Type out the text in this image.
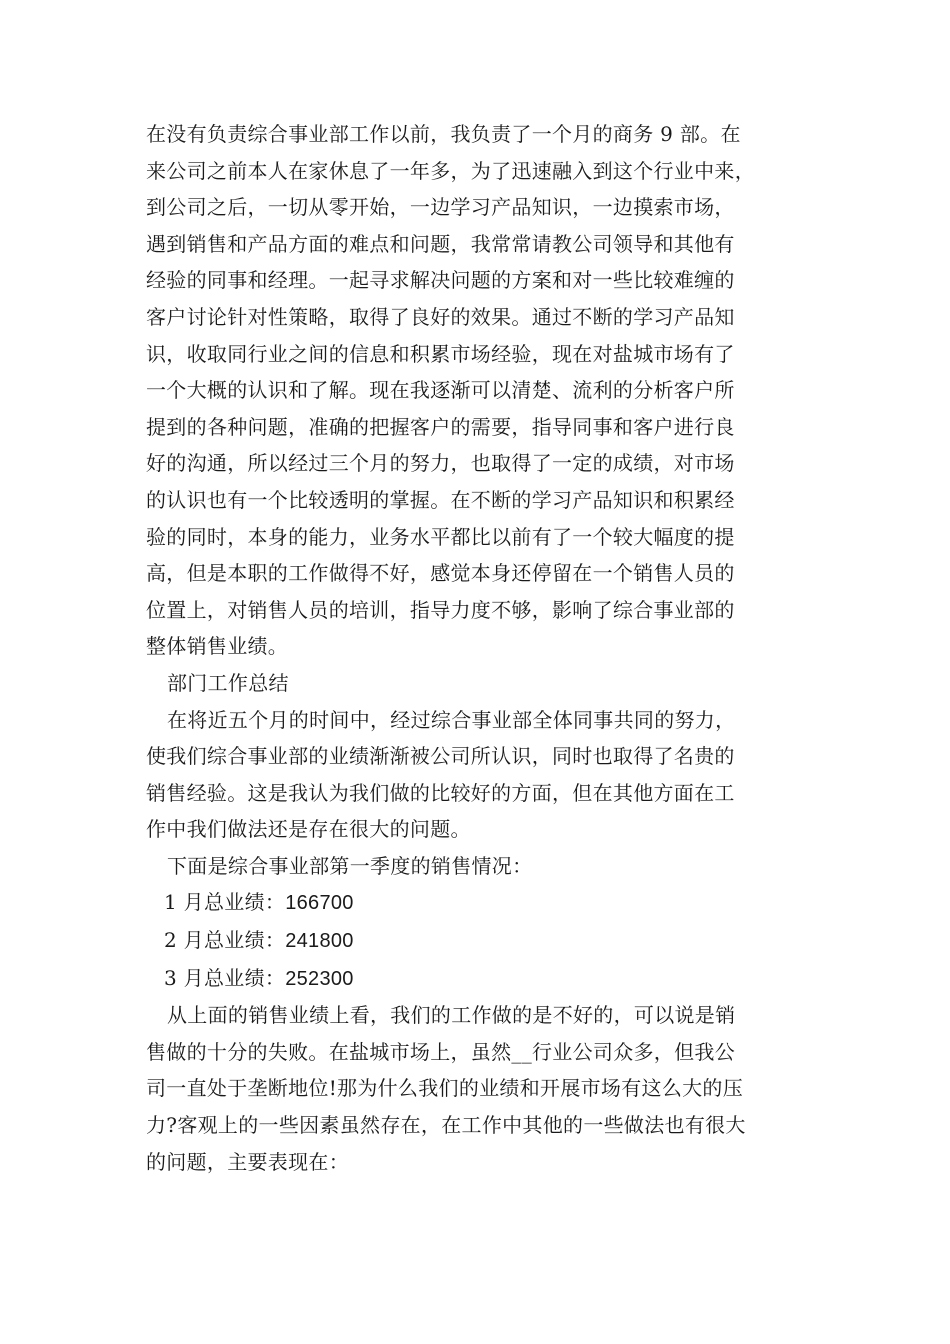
在没有负责综合事业部工作以前，我负责了一个月的商务 9 部。在
来公司之前本人在家休息了一年多，为了迅速融入到这个行业中来，
到公司之后，一切从零开始，一边学习产品知识，一边摸索市场，
遇到销售和产品方面的难点和问题，我常常请教公司领导和其他有
经验的同事和经理。一起寻求解决问题的方案和对一些比较难缠的
客户讨论针对性策略，取得了良好的效果。通过不断的学习产品知
识，收取同行业之间的信息和积累市场经验，现在对盐城市场有了
一个大概的认识和了解。现在我逐渐可以清楚、流利的分析客户所
提到的各种问题，准确的把握客户的需要，指导同事和客户进行良
好的沟通，所以经过三个月的努力，也取得了一定的成绩，对市场
的认识也有一个比较透明的掌握。在不断的学习产品知识和积累经
验的同时，本身的能力，业务水平都比以前有了一个较大幅度的提
高，但是本职的工作做得不好，感觉本身还停留在一个销售人员的
位置上，对销售人员的培训，指导力度不够，影响了综合事业部的
整体销售业绩。

部门工作总结

在将近五个月的时间中，经过综合事业部全体同事共同的努力，
使我们综合事业部的业绩渐渐被公司所认识，同时也取得了名贵的
销售经验。这是我认为我们做的比较好的方面，但在其他方面在工
作中我们做法还是存在很大的问题。

下面是综合事业部第一季度的销售情况：

1 月总业绩：166700

2 月总业绩：241800

3 月总业绩：252300

从上面的销售业绩上看，我们的工作做的是不好的，可以说是销
售做的十分的失败。在盐城市场上，虽然__行业公司众多，但我公
司一直处于垄断地位!那为什么我们的业绩和开展市场有这么大的压
力?客观上的一些因素虽然存在，在工作中其他的一些做法也有很大
的问题，主要表现在：
